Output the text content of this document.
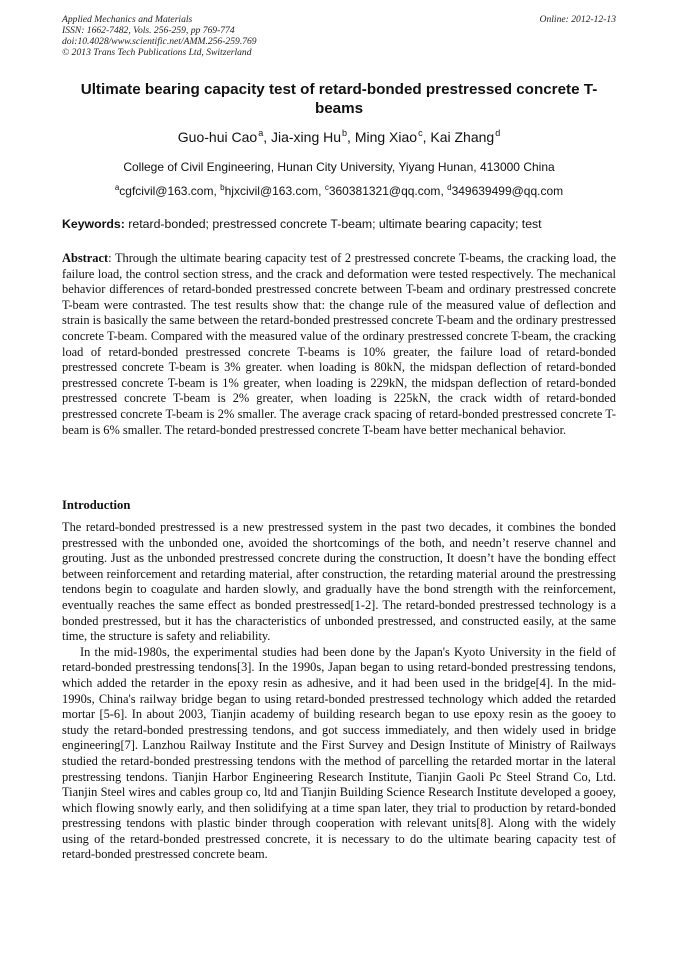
Applied Mechanics and Materials
ISSN: 1662-7482, Vols. 256-259, pp 769-774
doi:10.4028/www.scientific.net/AMM.256-259.769
© 2013 Trans Tech Publications Ltd, Switzerland
Online: 2012-12-13
Ultimate bearing capacity test of retard-bonded prestressed concrete T-beams
Guo-hui Cao$^a$, Jia-xing Hu$^b$, Ming Xiao$^c$, Kai Zhang$^d$
College of Civil Engineering, Hunan City University, Yiyang Hunan, 413000 China
$^a$cgfcivil@163.com, $^b$hjxcivil@163.com, $^c$360381321@qq.com, $^d$349639499@qq.com
Keywords: retard-bonded; prestressed concrete T-beam; ultimate bearing capacity; test
Abstract: Through the ultimate bearing capacity test of 2 prestressed concrete T-beams, the cracking load, the failure load, the control section stress, and the crack and deformation were tested respectively. The mechanical behavior differences of retard-bonded prestressed concrete between T-beam and ordinary prestressed concrete T-beam were contrasted. The test results show that: the change rule of the measured value of deflection and strain is basically the same between the retard-bonded prestressed concrete T-beam and the ordinary prestressed concrete T-beam. Compared with the measured value of the ordinary prestressed concrete T-beam, the cracking load of retard-bonded prestressed concrete T-beams is 10% greater, the failure load of retard-bonded prestressed concrete T-beam is 3% greater. when loading is 80kN, the midspan deflection of retard-bonded prestressed concrete T-beam is 1% greater, when loading is 229kN, the midspan deflection of retard-bonded prestressed concrete T-beam is 2% greater, when loading is 225kN, the crack width of retard-bonded prestressed concrete T-beam is 2% smaller. The average crack spacing of retard-bonded prestressed concrete T-beam is 6% smaller. The retard-bonded prestressed concrete T-beam have better mechanical behavior.
Introduction

The retard-bonded prestressed is a new prestressed system in the past two decades, it combines the bonded prestressed with the unbonded one, avoided the shortcomings of the both, and needn’t reserve channel and grouting. Just as the unbonded prestressed concrete during the construction, It doesn’t have the bonding effect between reinforcement and retarding material, after construction, the retarding material around the prestressing tendons begin to coagulate and harden slowly, and gradually have the bond strength with the reinforcement, eventually reaches the same effect as bonded prestressed[1-2]. The retard-bonded prestressed technology is a bonded prestressed, but it has the characteristics of unbonded prestressed, and constructed easily, at the same time, the structure is safety and reliability.

In the mid-1980s, the experimental studies had been done by the Japan's Kyoto University in the field of retard-bonded prestressing tendons[3]. In the 1990s, Japan began to using retard-bonded prestressing tendons, which added the retarder in the epoxy resin as adhesive, and it had been used in the bridge[4]. In the mid-1990s, China's railway bridge began to using retard-bonded prestressed technology which added the retarded mortar [5-6]. In about 2003, Tianjin academy of building research began to use epoxy resin as the gooey to study the retard-bonded prestressing tendons, and got success immediately, and then widely used in bridge engineering[7]. Lanzhou Railway Institute and the First Survey and Design Institute of Ministry of Railways studied the retard-bonded prestressing tendons with the method of parcelling the retarded mortar in the lateral prestressing tendons. Tianjin Harbor Engineering Research Institute, Tianjin Gaoli Pc Steel Strand Co, Ltd. Tianjin Steel wires and cables group co, ltd and Tianjin Building Science Research Institute developed a gooey, which flowing snowly early, and then solidifying at a time span later, they trial to production by retard-bonded prestressing tendons with plastic binder through cooperation with relevant units[8]. Along with the widely using of the retard-bonded prestressed concrete, it is necessary to do the ultimate bearing capacity test of retard-bonded prestressed concrete beam.
